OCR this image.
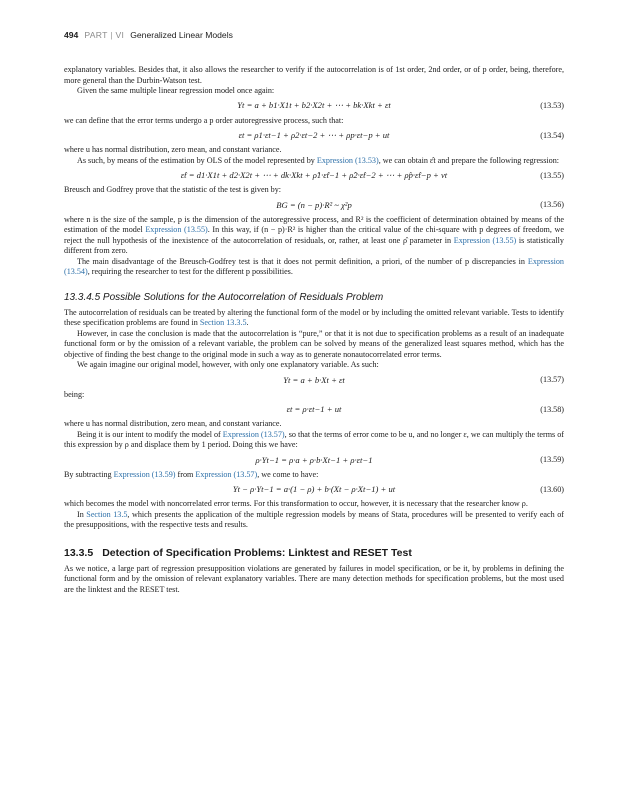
494 PART | VI Generalized Linear Models

explanatory variables. Besides that, it also allows the researcher to verify if the autocorrelation is of 1st order, 2nd order, or of p order, being, therefore, more general than the Durbin-Watson test.

Given the same multiple linear regression model once again:

Yt = a + b1·X1t + b2·X2t + ⋯ + bk·Xkt + εt	(13.53)

we can define that the error terms undergo a p order autoregressive process, such that:

εt = ρ1·εt−1 + ρ2·εt−2 + ⋯ + ρp·εt−p + ut	(13.54)

where u has normal distribution, zero mean, and constant variance.

As such, by means of the estimation by OLS of the model represented by Expression (13.53), we can obtain ε̂t and prepare the following regression:

ε̂t = d1·X1t + d2·X2t + ⋯ + dk·Xkt + ρ̂1·ε̂t−1 + ρ̂2·ε̂t−2 + ⋯ + ρ̂p·ε̂t−p + νt	(13.55)

Breusch and Godfrey prove that the statistic of the test is given by:

BG = (n − p)·R² ~ χ²p	(13.56)

where n is the size of the sample, p is the dimension of the autoregressive process, and R² is the coefficient of determination obtained by means of the estimation of the model Expression (13.55). In this way, if (n − p)·R² is higher than the critical value of the chi-square with p degrees of freedom, we reject the null hypothesis of the inexistence of the autocorrelation of residuals, or, rather, at least one ρ̂ parameter in Expression (13.55) is statistically different from zero.

The main disadvantage of the Breusch-Godfrey test is that it does not permit definition, a priori, of the number of p discrepancies in Expression (13.54), requiring the researcher to test for the different p possibilities.

13.3.4.5 Possible Solutions for the Autocorrelation of Residuals Problem

The autocorrelation of residuals can be treated by altering the functional form of the model or by including the omitted relevant variable. Tests to identify these specification problems are found in Section 13.3.5.

However, in case the conclusion is made that the autocorrelation is “pure,” or that it is not due to specification problems as a result of an inadequate functional form or by the omission of a relevant variable, the problem can be solved by means of the generalized least squares method, which has the objective of finding the best change to the original mode in such a way as to generate nonautocorrelated error terms.

We again imagine our original model, however, with only one explanatory variable. As such:

Yt = a + b·Xt + εt	(13.57)

being:

εt = ρ·εt−1 + ut	(13.58)

where u has normal distribution, zero mean, and constant variance.

Being it is our intent to modify the model of Expression (13.57), so that the terms of error come to be u, and no longer ε, we can multiply the terms of this expression by ρ and displace them by 1 period. Doing this we have:

ρ·Yt−1 = ρ·a + ρ·b·Xt−1 + ρ·εt−1	(13.59)

By subtracting Expression (13.59) from Expression (13.57), we come to have:

Yt − ρ·Yt−1 = a·(1 − ρ) + b·(Xt − ρ·Xt−1) + ut	(13.60)

which becomes the model with noncorrelated error terms. For this transformation to occur, however, it is necessary that the researcher know ρ.

In Section 13.5, which presents the application of the multiple regression models by means of Stata, procedures will be presented to verify each of the presuppositions, with the respective tests and results.

13.3.5 Detection of Specification Problems: Linktest and RESET Test

As we notice, a large part of regression presupposition violations are generated by failures in model specification, or be it, by problems in defining the functional form and by the omission of relevant explanatory variables. There are many detection methods for specification problems, but the most used are the linktest and the RESET test.
